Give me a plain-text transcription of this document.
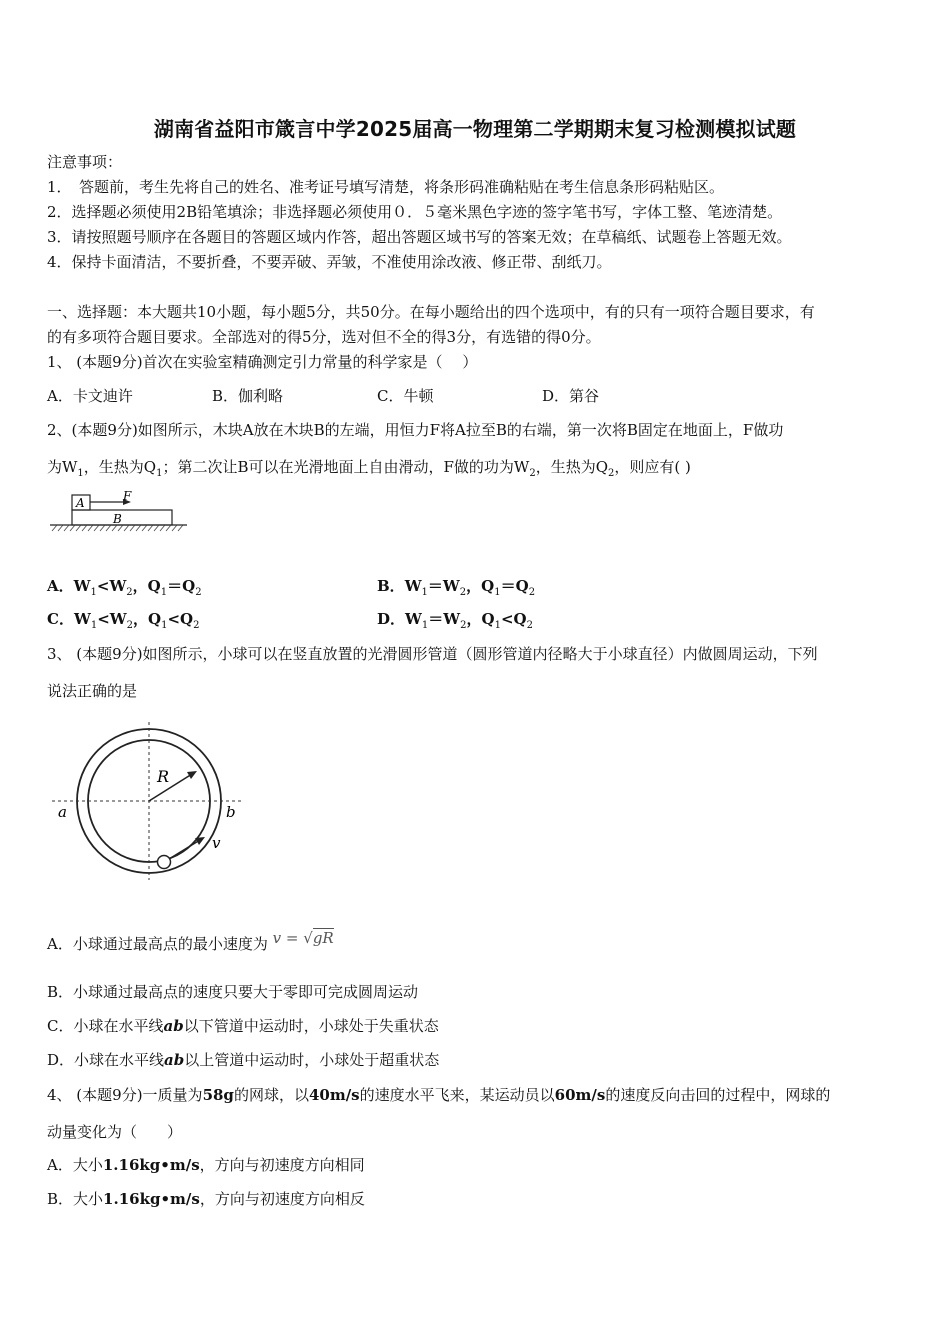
湖南省益阳市箴言中学2025届高一物理第二学期期末复习检测模拟试题
注意事项：
1．　答题前，考生先将自己的姓名、准考证号填写清楚，将条形码准确粘贴在考生信息条形码粘贴区。
2．选择题必须使用2B铅笔填涂；非选择题必须使用０．５毫米黑色字迹的签字笔书写，字体工整、笔迹清楚。
3．请按照题号顺序在各题目的答题区域内作答，超出答题区域书写的答案无效；在草稿纸、试题卷上答题无效。
4．保持卡面清洁，不要折叠，不要弄破、弄皱，不准使用涂改液、修正带、刮纸刀。
一、选择题：本大题共10小题，每小题5分，共50分。在每小题给出的四个选项中，有的只有一项符合题目要求，有
的有多项符合题目要求。全部选对的得5分，选对但不全的得3分，有选错的得0分。
1、 (本题9分)首次在实验室精确测定引力常量的科学家是（　 ）
A．卡文迪许	B．伽利略	C．牛顿	D．第谷
2、(本题9分)如图所示，木块A放在木块B的左端，用恒力F将A拉至B的右端，第一次将B固定在地面上，F做功
为$W_1$，生热为$Q_1$；第二次让B可以在光滑地面上自由滑动，F做的功为$W_2$，生热为$Q_2$，则应有( )
A	F
B
A．$W_1<W_2$，$Q_1=Q_2$	B．$W_1=W_2$，$Q_1=Q_2$
C．$W_1<W_2$，$Q_1<Q_2$	D．$W_1=W_2$，$Q_1<Q_2$
3、 (本题9分)如图所示，小球可以在竖直放置的光滑圆形管道（圆形管道内径略大于小球直径）内做圆周运动，下列
说法正确的是
R
a	b
v
A．小球通过最高点的最小速度为 v = √gR
B．小球通过最高点的速度只要大于零即可完成圆周运动
C．小球在水平线ab以下管道中运动时，小球处于失重状态
D．小球在水平线ab以上管道中运动时，小球处于超重状态
4、 (本题9分)一质量为58g的网球，以40m/s的速度水平飞来，某运动员以60m/s的速度反向击回的过程中，网球的
动量变化为（　　）
A．大小1.16kg•m/s，方向与初速度方向相同
B．大小1.16kg•m/s，方向与初速度方向相反
